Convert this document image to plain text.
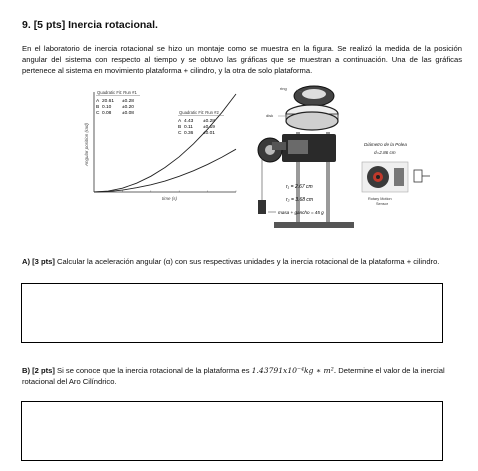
9. [5 pts] Inercia rotacional.
En el laboratorio de inercia rotacional se hizo un montaje como se muestra en la figura. Se realizó la medida de la posición angular del sistema con respecto al tiempo y se obtuvo las gráficas que se muestran a continuación. Una de las gráficas pertenece al sistema en movimiento plataforma + cilindro, y la otra de solo plataforma.
Angular position (rad)
time (s)
Quadratic Fit: Run #1
A 20.61 ±0.28
B 0.10 ±0.20
C 0.08 ±0.08	Quadratic Fit: Run #2
A 4.43 ±0.28
B 0.11 ±0.19
C 0.36 ±0.01
ring
disk
r₁ = 2.67 cm
r₂ = 3.68 cm
masa + gancho = 45 g
Diámetro de la Polea
d=2.86 cm
Rotary Motion
Sensor
A) [3 pts] Calcular la aceleración angular (α) con sus respectivas unidades y la inercia rotacional de la plataforma + cilindro.
B) [2 pts] Si se conoce que la inercia rotacional de la plataforma es 1.43791x10⁻⁴kg ∗ m². Determine el valor de la inercial rotacional del Aro Cilíndrico.
